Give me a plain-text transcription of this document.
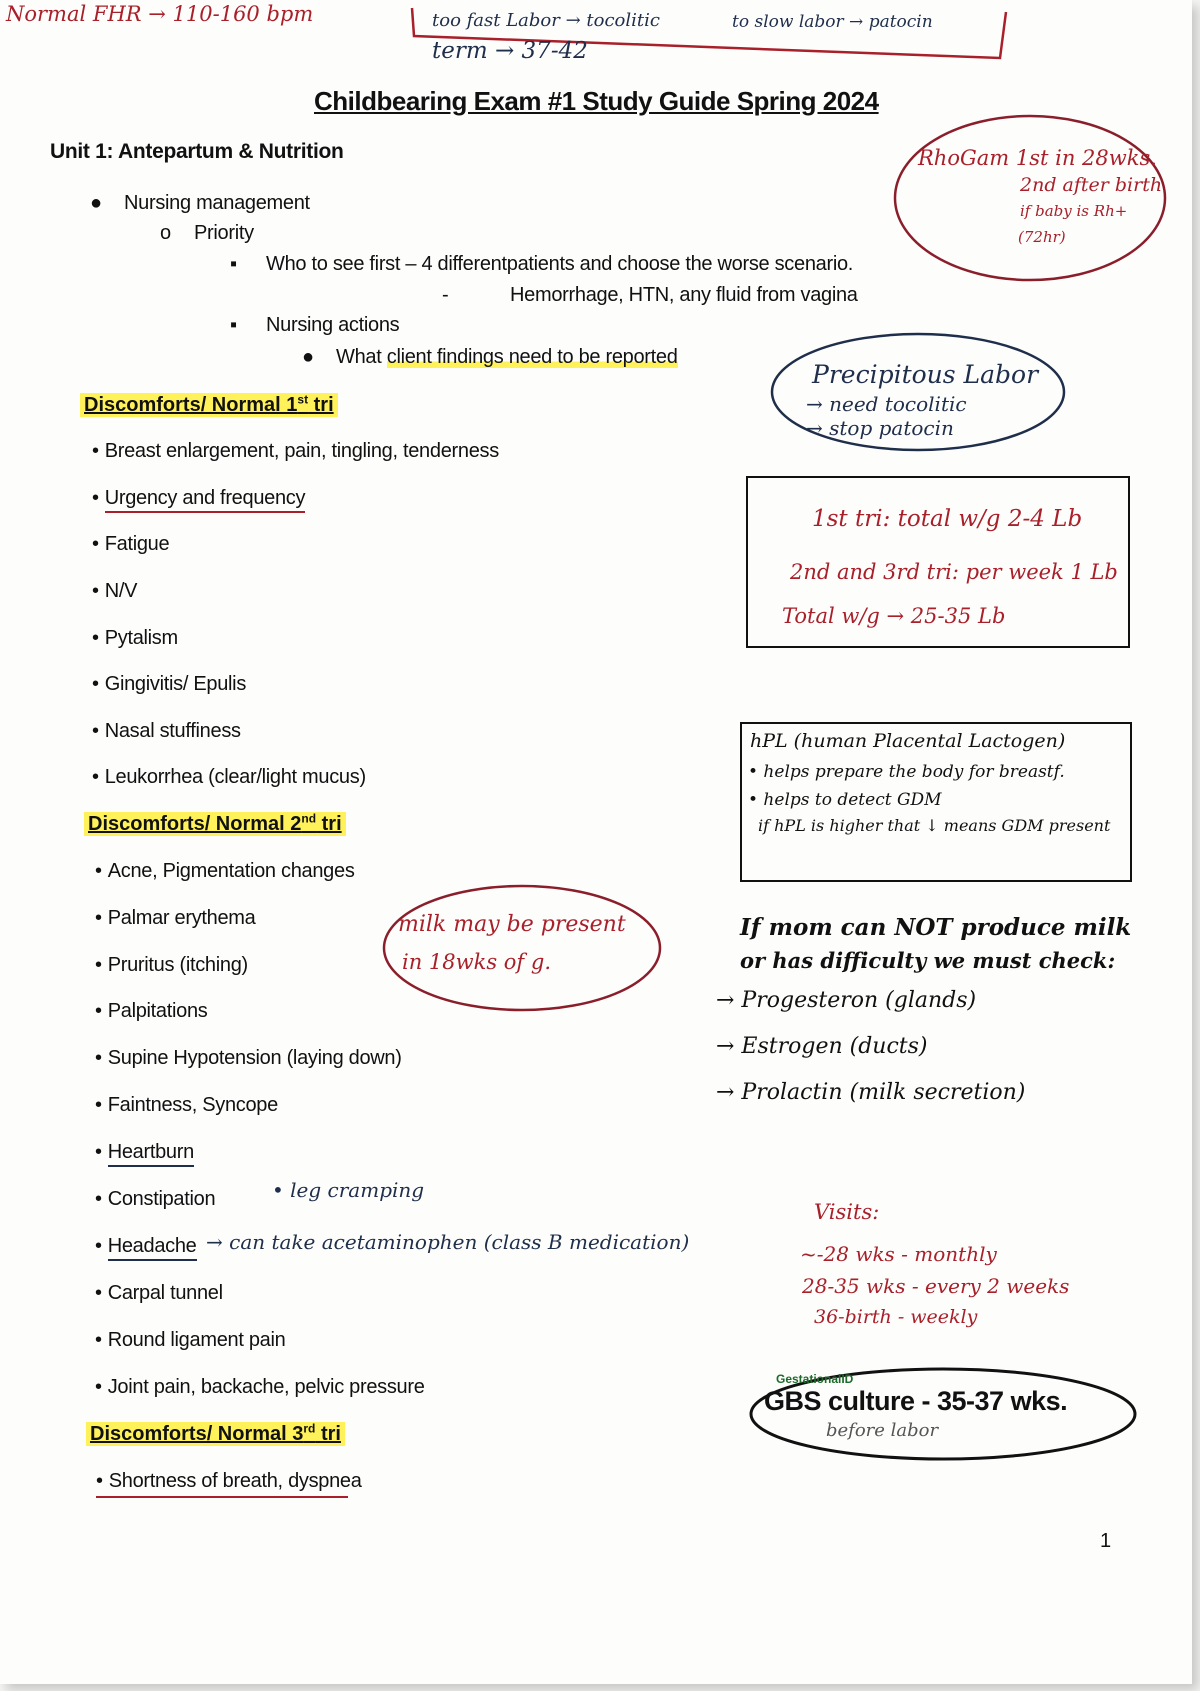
Normal FHR → 110-160 bpm	too fast Labor → tocolitic	to slow labor → patocin
term → 37-42
Childbearing Exam #1 Study Guide Spring 2024
Unit 1: Antepartum & Nutrition
● Nursing management
o Priority
▪ Who to see first – 4 differentpatients and choose the worse scenario.
-	Hemorrhage, HTN, any fluid from vagina
▪ Nursing actions
● What client findings need to be reported
Discomforts/ Normal 1st tri
• Breast enlargement, pain, tingling, tenderness
• Urgency and frequency
• Fatigue
• N/V
• Pytalism
• Gingivitis/ Epulis
• Nasal stuffiness
• Leukorrhea (clear/light mucus)
Discomforts/ Normal 2nd tri
• Acne, Pigmentation changes
• Palmar erythema
• Pruritus (itching)
• Palpitations
• Supine Hypotension (laying down)
• Faintness, Syncope
• Heartburn
• Constipation	• leg cramping
• Headache → can take acetaminophen (class B medication)
• Carpal tunnel
• Round ligament pain
• Joint pain, backache, pelvic pressure
Discomforts/ Normal 3rd tri
• Shortness of breath, dyspnea
RhoGam 1st in 28wks.
2nd after birth
if baby is Rh+
(72hr)
Precipitous Labor
→ need tocolitic
→ stop patocin
1st tri: total w/g 2-4 Lb
2nd and 3rd tri: per week 1 Lb
Total w/g → 25-35 Lb
hPL (human Placental Lactogen)
• helps prepare the body for breastf.
• helps to detect GDM
if hPL is higher that ↓ means GDM present
milk may be present
in 18wks of g.
If mom can NOT produce milk
or has difficulty we must check:
→ Progesteron (glands)
→ Estrogen (ducts)
→ Prolactin (milk secretion)
Visits:
~-28 wks - monthly
28-35 wks - every 2 weeks
36-birth - weekly
GestationalID
GBS culture - 35-37 wks.
before labor
1
